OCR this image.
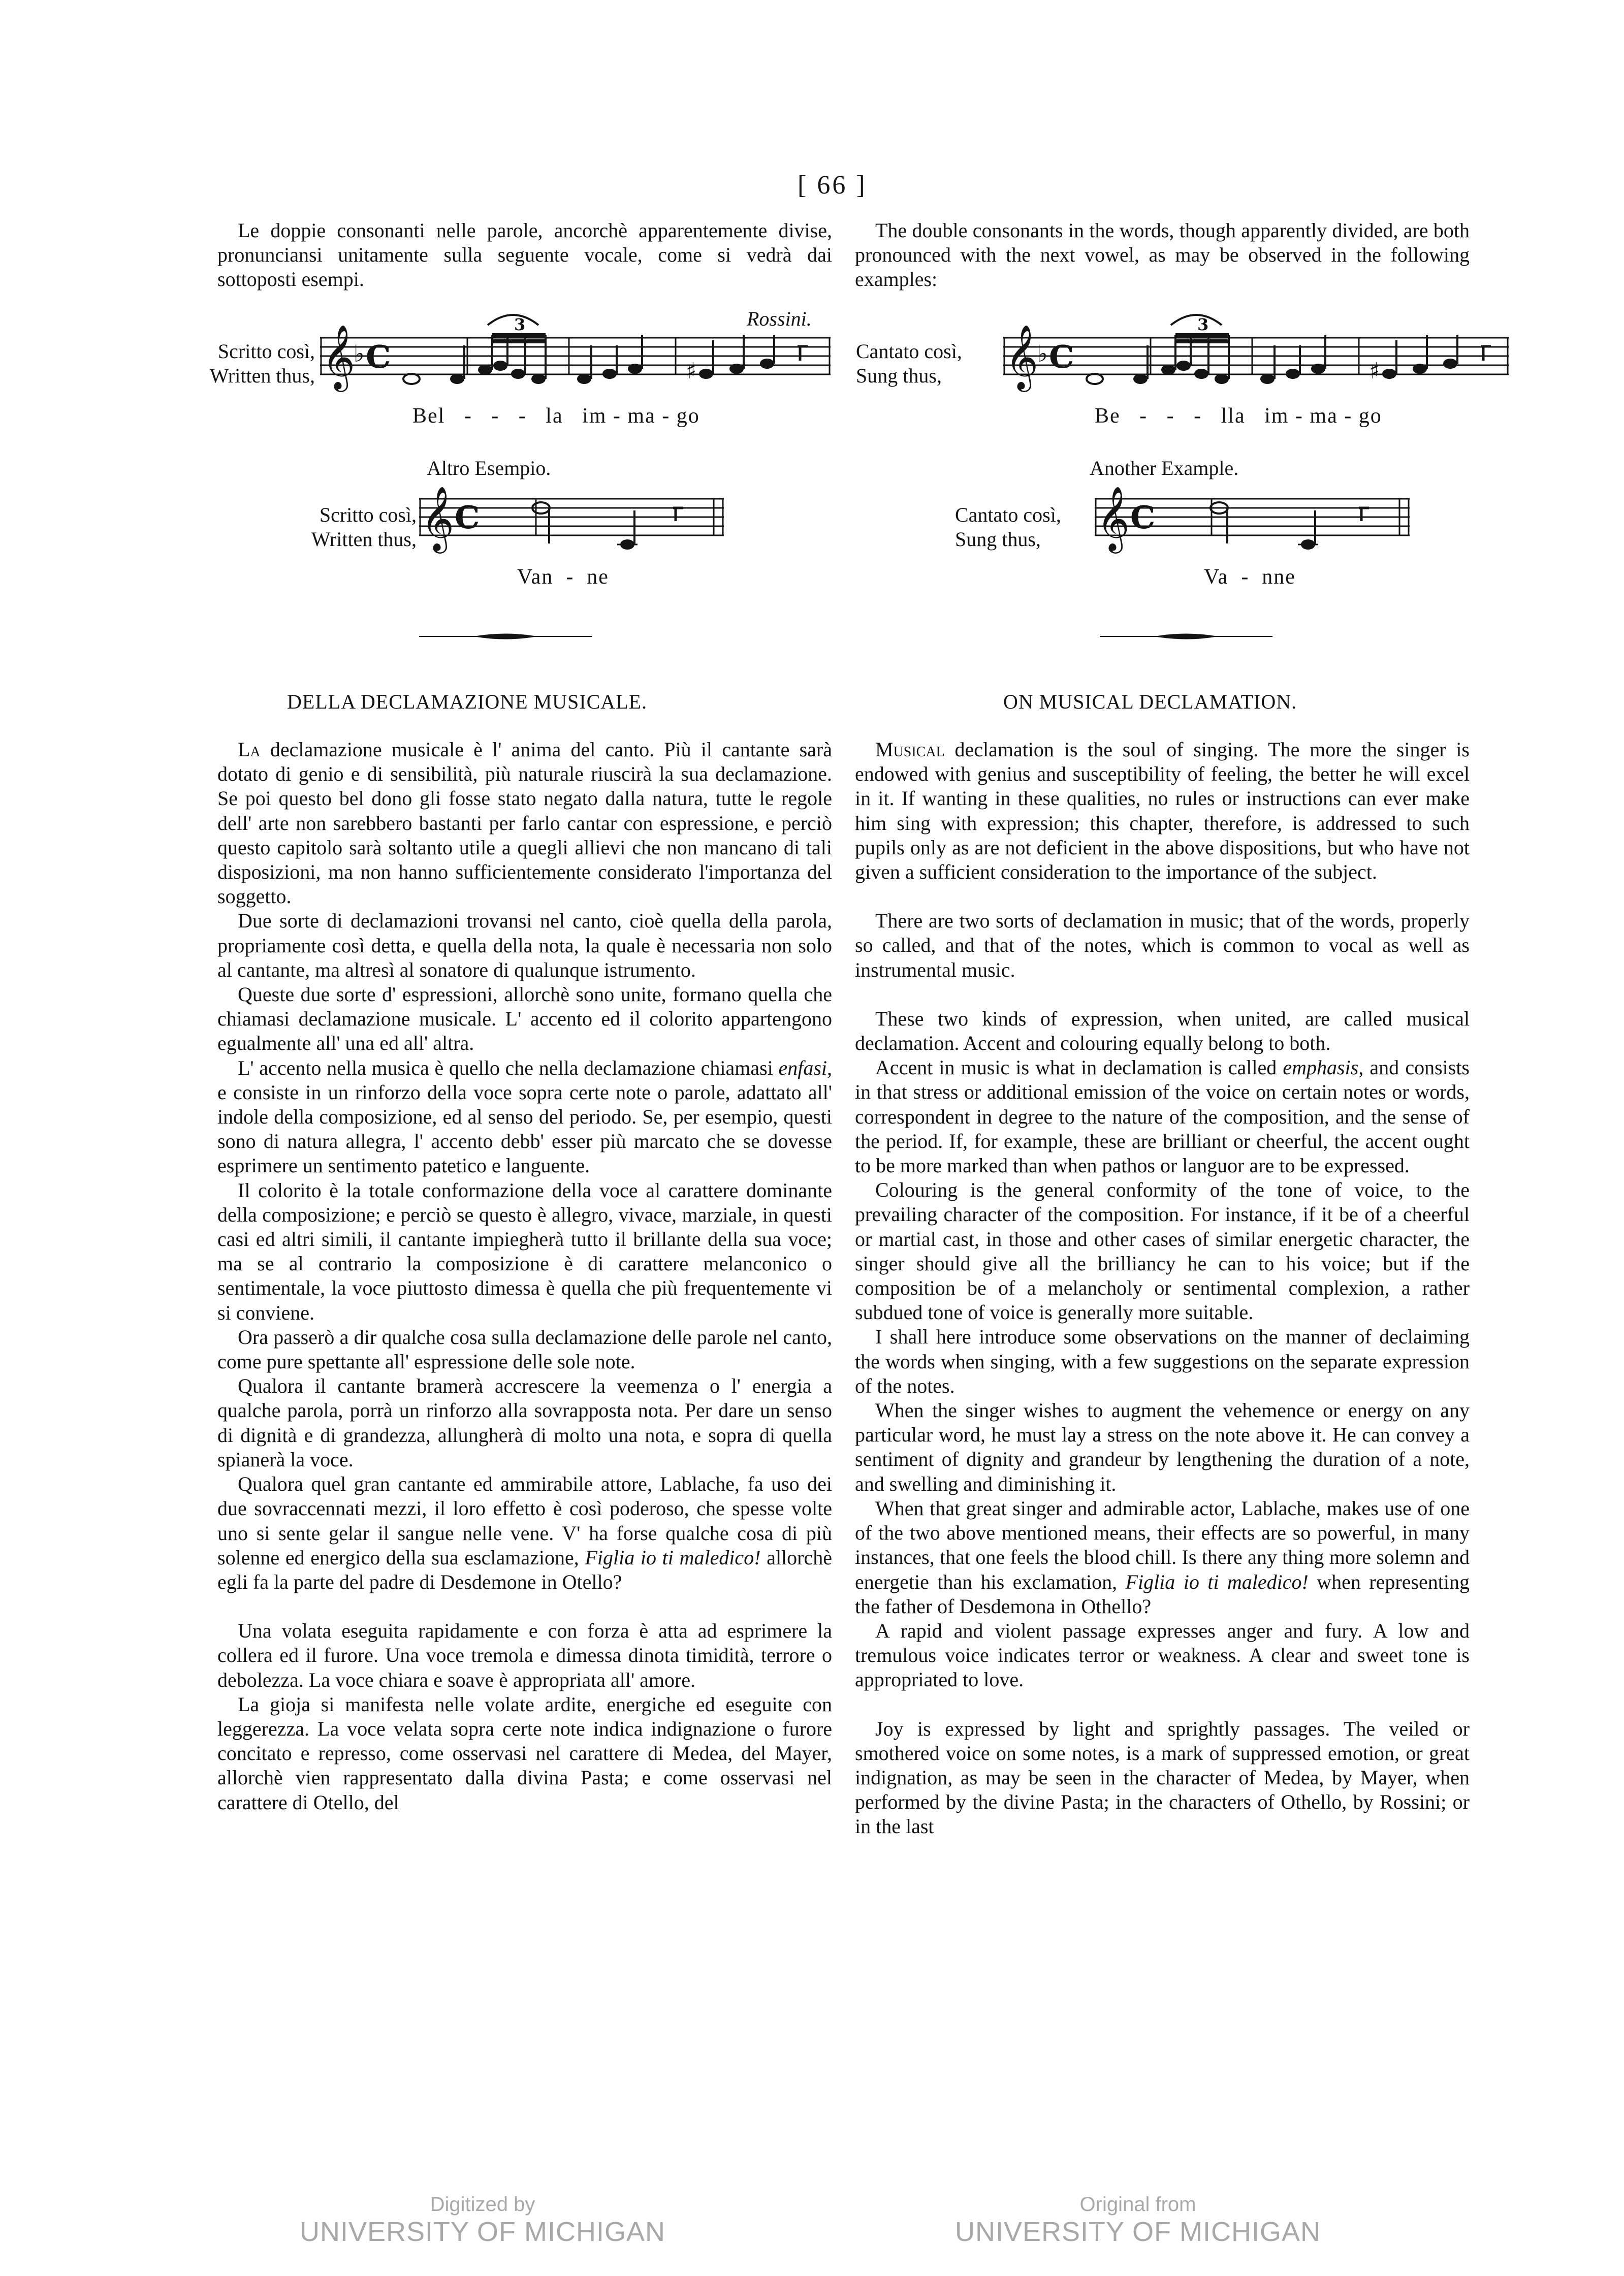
[ 66 ]

Le doppie consonanti nelle parole, ancorchè apparentemente divise, pronunciansi unitamente sulla seguente vocale, come si vedrà dai sottoposti esempi.

The double consonants in the words, though apparently divided, are both pronounced with the next vowel, as may be observed in the following examples:

Rossini.
Scritto così,
Written thus, 𝄞
♭ C
3
♯
Bel   -   -   -   la   im - ma - go
Cantato così,
Sung thus,	𝄞
♭ C
3
♯
Be   -   -   -   lla   im - ma - go
Altro Esempio.	Another Example.
Scritto così,
Written thus, 𝄞 C
Van  -  ne
Cantato così,
Sung thus,	𝄞 C
Va  -  nne
DELLA DECLAMAZIONE MUSICALE.	ON MUSICAL DECLAMATION.

La declamazione musicale è l' anima del canto. Più il cantante sarà dotato di genio e di sensibilità, più naturale riuscirà la sua declamazione. Se poi questo bel dono gli fosse stato negato dalla natura, tutte le regole dell' arte non sarebbero bastanti per farlo cantar con espressione, e perciò questo capitolo sarà soltanto utile a quegli allievi che non mancano di tali disposizioni, ma non hanno sufficientemente considerato l'importanza del soggetto.

Due sorte di declamazioni trovansi nel canto, cioè quella della parola, propriamente così detta, e quella della nota, la quale è necessaria non solo al cantante, ma altresì al sonatore di qualunque istrumento.

Queste due sorte d' espressioni, allorchè sono unite, formano quella che chiamasi declamazione musicale. L' accento ed il colorito appartengono egualmente all' una ed all' altra.

L' accento nella musica è quello che nella declamazione chiamasi enfasi, e consiste in un rinforzo della voce sopra certe note o parole, adattato all' indole della composizione, ed al senso del periodo. Se, per esempio, questi sono di natura allegra, l' accento debb' esser più marcato che se dovesse esprimere un sentimento patetico e languente.

Il colorito è la totale conformazione della voce al carattere dominante della composizione; e perciò se questo è allegro, vivace, marziale, in questi casi ed altri simili, il cantante impiegherà tutto il brillante della sua voce; ma se al contrario la composizione è di carattere melanconico o sentimentale, la voce piuttosto dimessa è quella che più frequentemente vi si conviene.

Ora passerò a dir qualche cosa sulla declamazione delle parole nel canto, come pure spettante all' espressione delle sole note.

Qualora il cantante bramerà accrescere la veemenza o l' energia a qualche parola, porrà un rinforzo alla sovrapposta nota. Per dare un senso di dignità e di grandezza, allungherà di molto una nota, e sopra di quella spianerà la voce.

Qualora quel gran cantante ed ammirabile attore, Lablache, fa uso dei due sovraccennati mezzi, il loro effetto è così poderoso, che spesse volte uno si sente gelar il sangue nelle vene. V' ha forse qualche cosa di più solenne ed energico della sua esclamazione, Figlia io ti maledico! allorchè egli fa la parte del padre di Desdemone in Otello?

Una volata eseguita rapidamente e con forza è atta ad esprimere la collera ed il furore. Una voce tremola e dimessa dinota timidità, terrore o debolezza. La voce chiara e soave è appropriata all' amore.

La gioja si manifesta nelle volate ardite, energiche ed eseguite con leggerezza. La voce velata sopra certe note indica indignazione o furore concitato e represso, come osservasi nel carattere di Medea, del Mayer, allorchè vien rappresentato dalla divina Pasta; e come osservasi nel carattere di Otello, del

Musical declamation is the soul of singing. The more the singer is endowed with genius and susceptibility of feeling, the better he will excel in it. If wanting in these qualities, no rules or instructions can ever make him sing with expression; this chapter, therefore, is addressed to such pupils only as are not deficient in the above dispositions, but who have not given a sufficient consideration to the importance of the subject.

There are two sorts of declamation in music; that of the words, properly so called, and that of the notes, which is common to vocal as well as instrumental music.

These two kinds of expression, when united, are called musical declamation. Accent and colouring equally belong to both.

Accent in music is what in declamation is called emphasis, and consists in that stress or additional emission of the voice on certain notes or words, correspondent in degree to the nature of the composition, and the sense of the period. If, for example, these are brilliant or cheerful, the accent ought to be more marked than when pathos or languor are to be expressed.

Colouring is the general conformity of the tone of voice, to the prevailing character of the composition. For instance, if it be of a cheerful or martial cast, in those and other cases of similar energetic character, the singer should give all the brilliancy he can to his voice; but if the composition be of a melancholy or sentimental complexion, a rather subdued tone of voice is generally more suitable.

I shall here introduce some observations on the manner of declaiming the words when singing, with a few suggestions on the separate expression of the notes.

When the singer wishes to augment the vehemence or energy on any particular word, he must lay a stress on the note above it. He can convey a sentiment of dignity and grandeur by lengthening the duration of a note, and swelling and diminishing it.

When that great singer and admirable actor, Lablache, makes use of one of the two above mentioned means, their effects are so powerful, in many instances, that one feels the blood chill. Is there any thing more solemn and energetie than his exclamation, Figlia io ti maledico! when representing the father of Desdemona in Othello?

A rapid and violent passage expresses anger and fury. A low and tremulous voice indicates terror or weakness. A clear and sweet tone is appropriated to love.

Joy is expressed by light and sprightly passages. The veiled or smothered voice on some notes, is a mark of suppressed emotion, or great indignation, as may be seen in the character of Medea, by Mayer, when performed by the divine Pasta; in the characters of Othello, by Rossini; or in the last

Digitized by
UNIVERSITY OF MICHIGAN
Original from
UNIVERSITY OF MICHIGAN
